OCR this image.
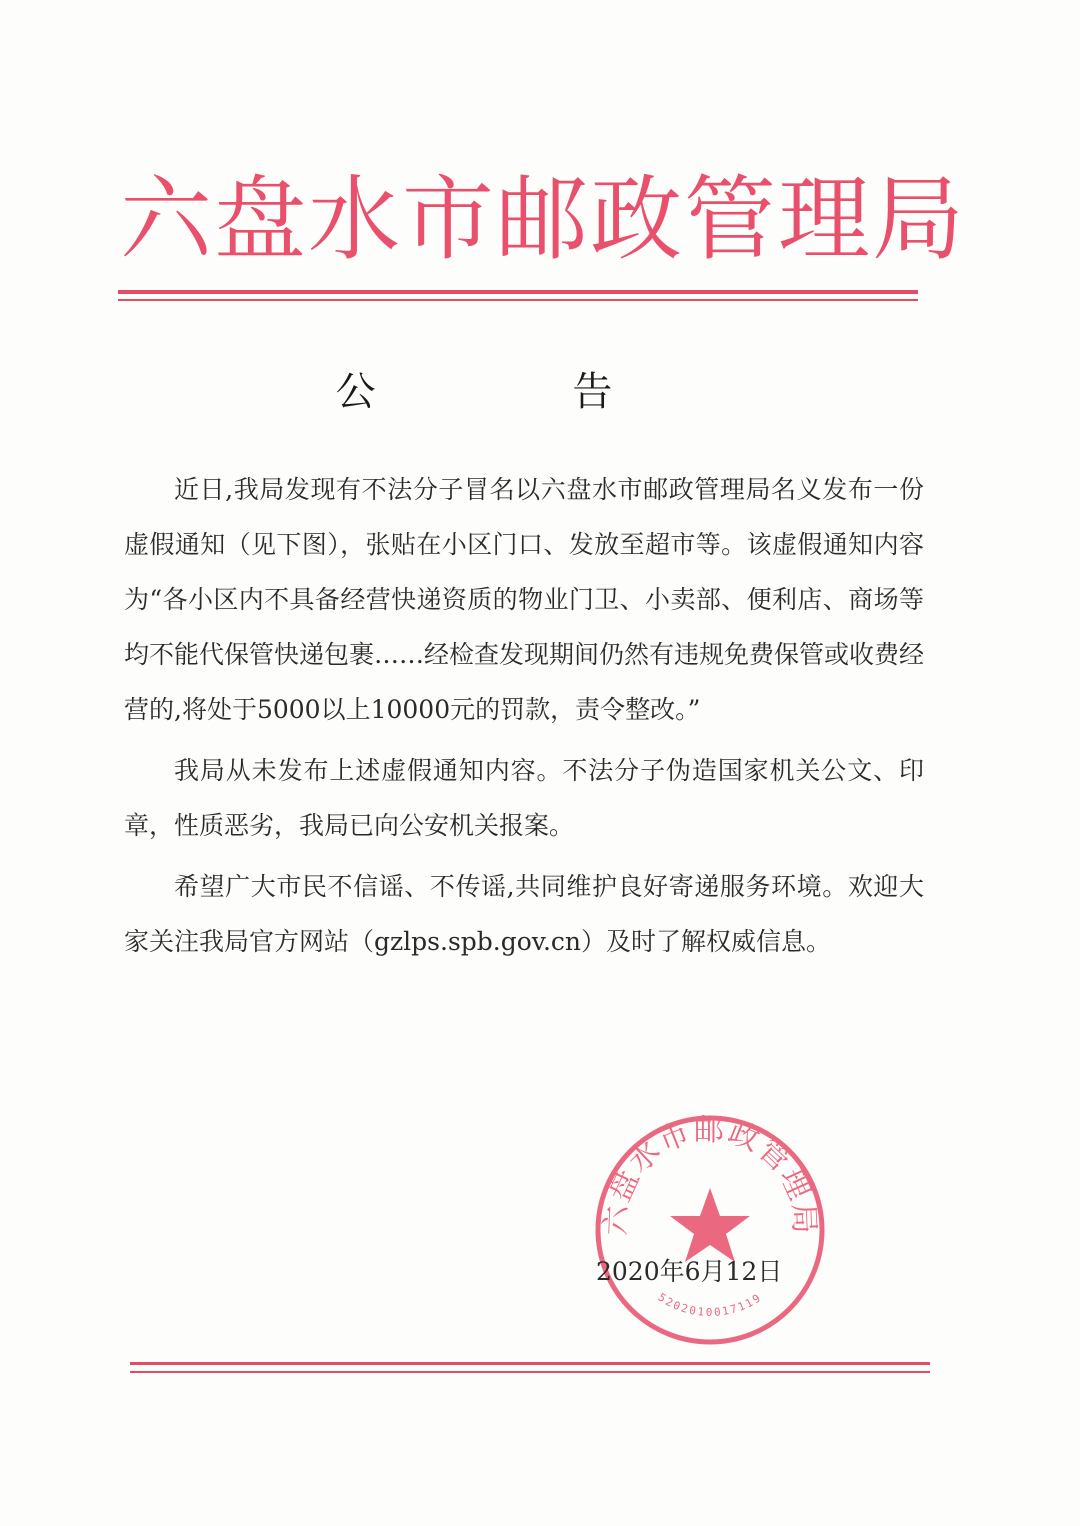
六盘水市邮政管理局
公 告

近日,我局发现有不法分子冒名以六盘水市邮政管理局名义发布一份虚假通知（见下图），张贴在小区门口、发放至超市等。该虚假通知内容为“各小区内不具备经营快递资质的物业门卫、小卖部、便利店、商场等均不能代保管快递包裹……经检查发现期间仍然有违规免费保管或收费经营的,将处于5000以上10000元的罚款，责令整改。”

我局从未发布上述虚假通知内容。不法分子伪造国家机关公文、印章，性质恶劣，我局已向公安机关报案。

希望广大市民不信谣、不传谣,共同维护良好寄递服务环境。欢迎大家关注我局官方网站（gzlps.spb.gov.cn）及时了解权威信息。

六盘水市邮政管理局
5202010017119
2020年6月12日
